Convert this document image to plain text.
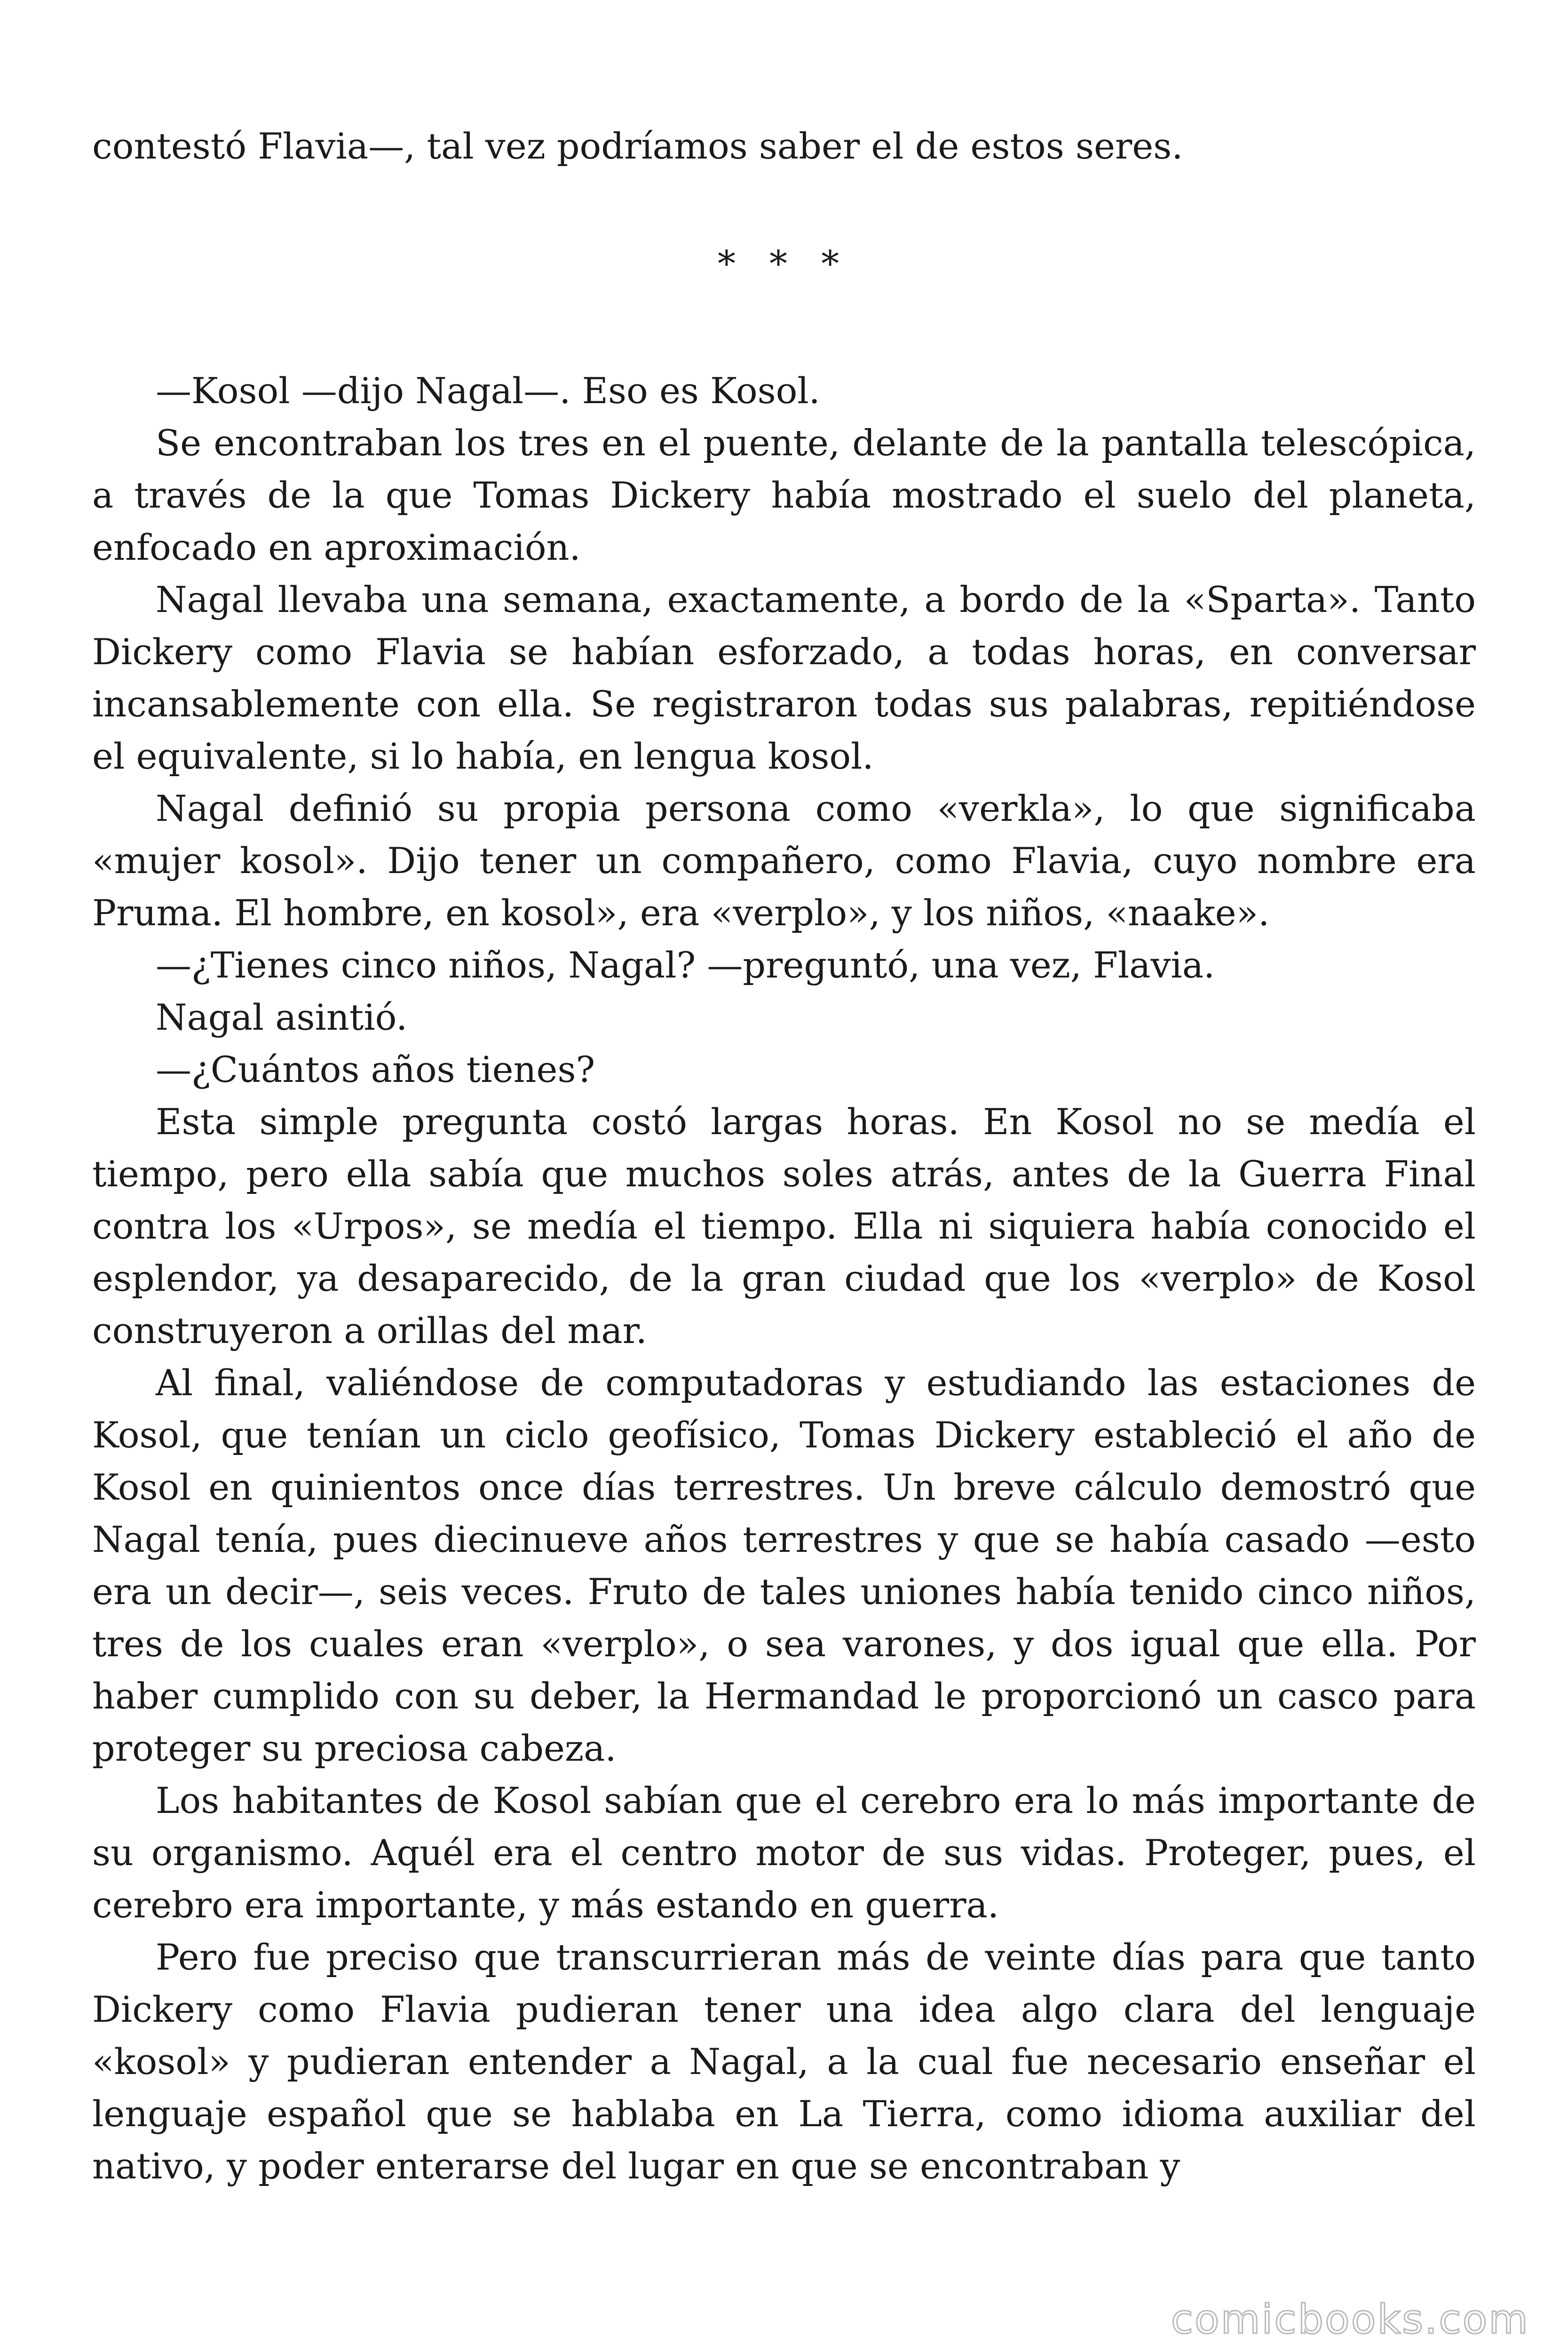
contestó Flavia—, tal vez podríamos saber el de estos seres.

* * *

—Kosol —dijo Nagal—. Eso es Kosol.

Se encontraban los tres en el puente, delante de la pantalla telescópica, a través de la que Tomas Dickery había mostrado el suelo del planeta, enfocado en aproximación.

Nagal llevaba una semana, exactamente, a bordo de la «Sparta». Tanto Dickery como Flavia se habían esforzado, a todas horas, en conversar incansablemente con ella. Se registraron todas sus palabras, repitiéndose el equivalente, si lo había, en lengua kosol.

Nagal definió su propia persona como «verkla», lo que significaba «mujer kosol». Dijo tener un compañero, como Flavia, cuyo nombre era Pruma. El hombre, en kosol», era «verplo», y los niños, «naake».

—¿Tienes cinco niños, Nagal? —preguntó, una vez, Flavia.

Nagal asintió.

—¿Cuántos años tienes?

Esta simple pregunta costó largas horas. En Kosol no se medía el tiempo, pero ella sabía que muchos soles atrás, antes de la Guerra Final contra los «Urpos», se medía el tiempo. Ella ni siquiera había conocido el esplendor, ya desaparecido, de la gran ciudad que los «verplo» de Kosol construyeron a orillas del mar.

Al final, valiéndose de computadoras y estudiando las estaciones de Kosol, que tenían un ciclo geofísico, Tomas Dickery estableció el año de Kosol en quinientos once días terrestres. Un breve cálculo demostró que Nagal tenía, pues diecinueve años terrestres y que se había casado —esto era un decir—, seis veces. Fruto de tales uniones había tenido cinco niños, tres de los cuales eran «verplo», o sea varones, y dos igual que ella. Por haber cumplido con su deber, la Hermandad le proporcionó un casco para proteger su preciosa cabeza.

Los habitantes de Kosol sabían que el cerebro era lo más importante de su organismo. Aquél era el centro motor de sus vidas. Proteger, pues, el cerebro era importante, y más estando en guerra.

Pero fue preciso que transcurrieran más de veinte días para que tanto Dickery como Flavia pudieran tener una idea algo clara del lenguaje «kosol» y pudieran entender a Nagal, a la cual fue necesario enseñar el lenguaje español que se hablaba en La Tierra, como idioma auxiliar del nativo, y poder enterarse del lugar en que se encontraban y

comicbooks.com
